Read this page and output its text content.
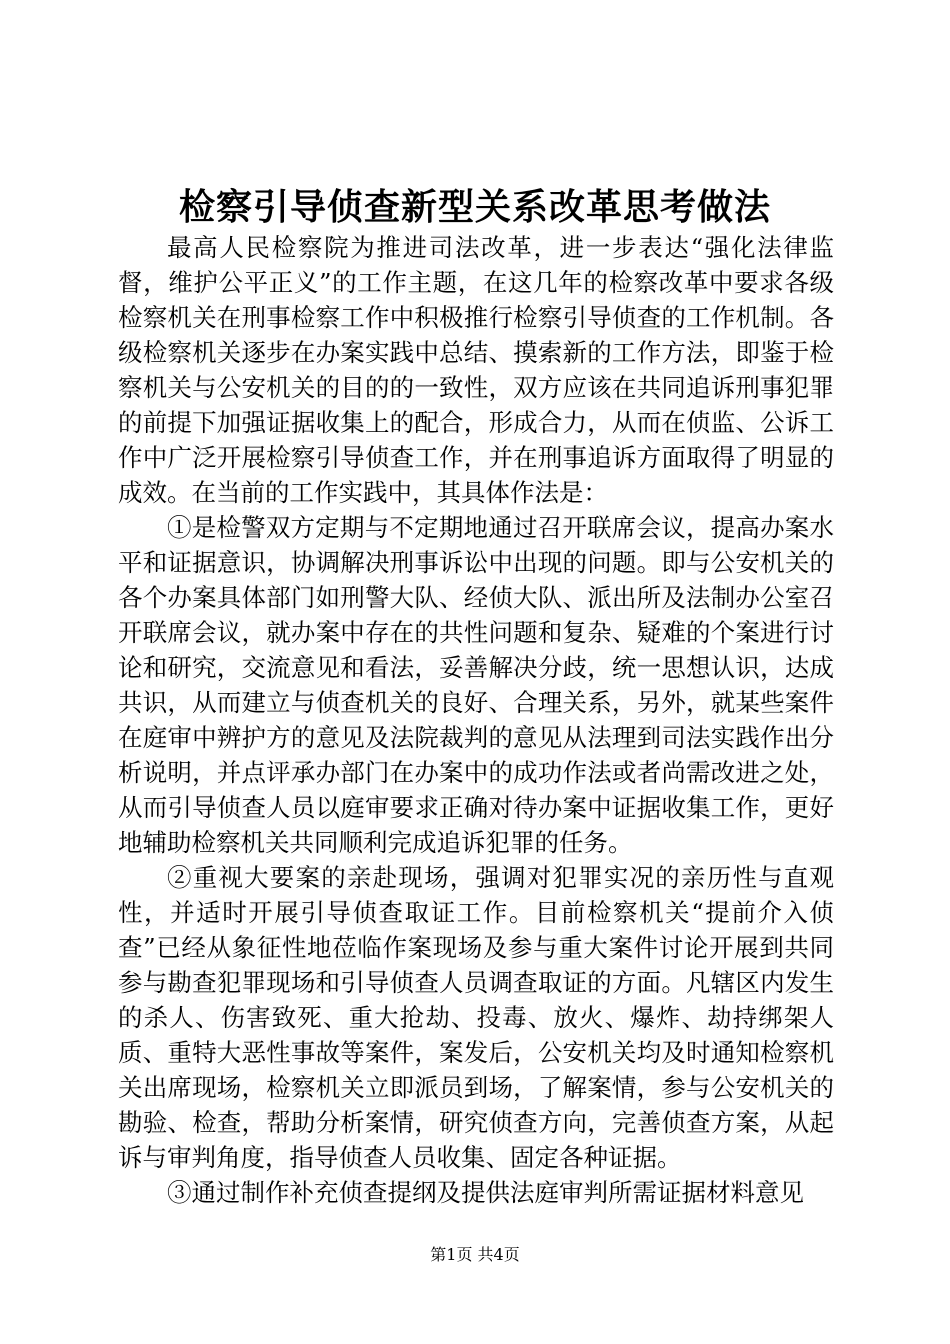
检察引导侦查新型关系改革思考做法

最高人民检察院为推进司法改革，进一步表达“强化法律监督，维护公平正义”的工作主题，在这几年的检察改革中要求各级检察机关在刑事检察工作中积极推行检察引导侦查的工作机制。各级检察机关逐步在办案实践中总结、摸索新的工作方法，即鉴于检察机关与公安机关的目的的一致性，双方应该在共同追诉刑事犯罪的前提下加强证据收集上的配合，形成合力，从而在侦监、公诉工作中广泛开展检察引导侦查工作，并在刑事追诉方面取得了明显的成效。在当前的工作实践中，其具体作法是：

①是检警双方定期与不定期地通过召开联席会议，提高办案水平和证据意识，协调解决刑事诉讼中出现的问题。即与公安机关的各个办案具体部门如刑警大队、经侦大队、派出所及法制办公室召开联席会议，就办案中存在的共性问题和复杂、疑难的个案进行讨论和研究，交流意见和看法，妥善解决分歧，统一思想认识，达成共识，从而建立与侦查机关的良好、合理关系，另外，就某些案件在庭审中辨护方的意见及法院裁判的意见从法理到司法实践作出分析说明，并点评承办部门在办案中的成功作法或者尚需改进之处，从而引导侦查人员以庭审要求正确对待办案中证据收集工作，更好地辅助检察机关共同顺利完成追诉犯罪的任务。

②重视大要案的亲赴现场，强调对犯罪实况的亲历性与直观性，并适时开展引导侦查取证工作。目前检察机关“提前介入侦查”已经从象征性地莅临作案现场及参与重大案件讨论开展到共同参与勘查犯罪现场和引导侦查人员调查取证的方面。凡辖区内发生的杀人、伤害致死、重大抢劫、投毒、放火、爆炸、劫持绑架人质、重特大恶性事故等案件，案发后，公安机关均及时通知检察机关出席现场，检察机关立即派员到场，了解案情，参与公安机关的勘验、检查，帮助分析案情，研究侦查方向，完善侦查方案，从起诉与审判角度，指导侦查人员收集、固定各种证据。

③通过制作补充侦查提纲及提供法庭审判所需证据材料意见

第1页 共4页
